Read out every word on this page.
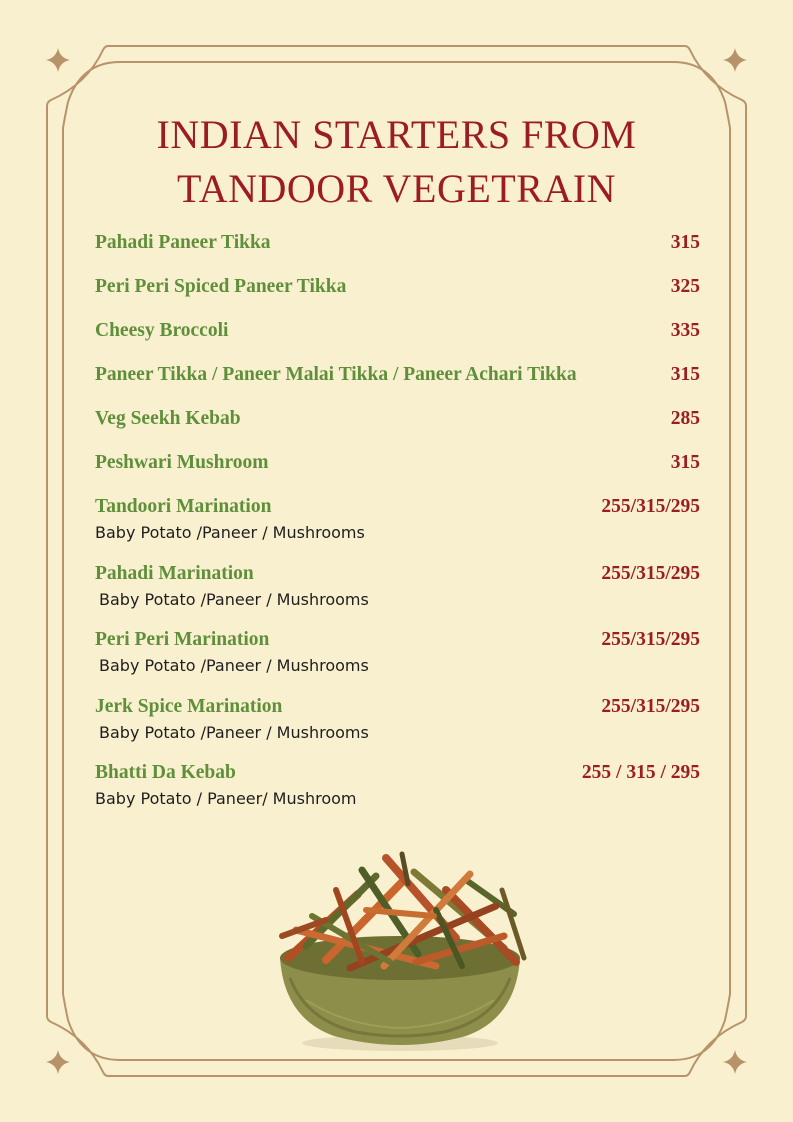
INDIAN STARTERS FROM
TANDOOR VEGETRAIN
Pahadi Paneer Tikka	315
Peri Peri Spiced Paneer Tikka	325
Cheesy Broccoli	335
Paneer Tikka / Paneer Malai Tikka / Paneer Achari Tikka	315
Veg Seekh Kebab	285
Peshwari Mushroom	315
Tandoori Marination	255/315/295
Baby Potato /Paneer / Mushrooms
Pahadi Marination	255/315/295
Baby Potato /Paneer / Mushrooms
Peri Peri Marination	255/315/295
Baby Potato /Paneer / Mushrooms
Jerk Spice Marination	255/315/295
Baby Potato /Paneer / Mushrooms
Bhatti Da Kebab	255 / 315 / 295
Baby Potato / Paneer/ Mushroom
